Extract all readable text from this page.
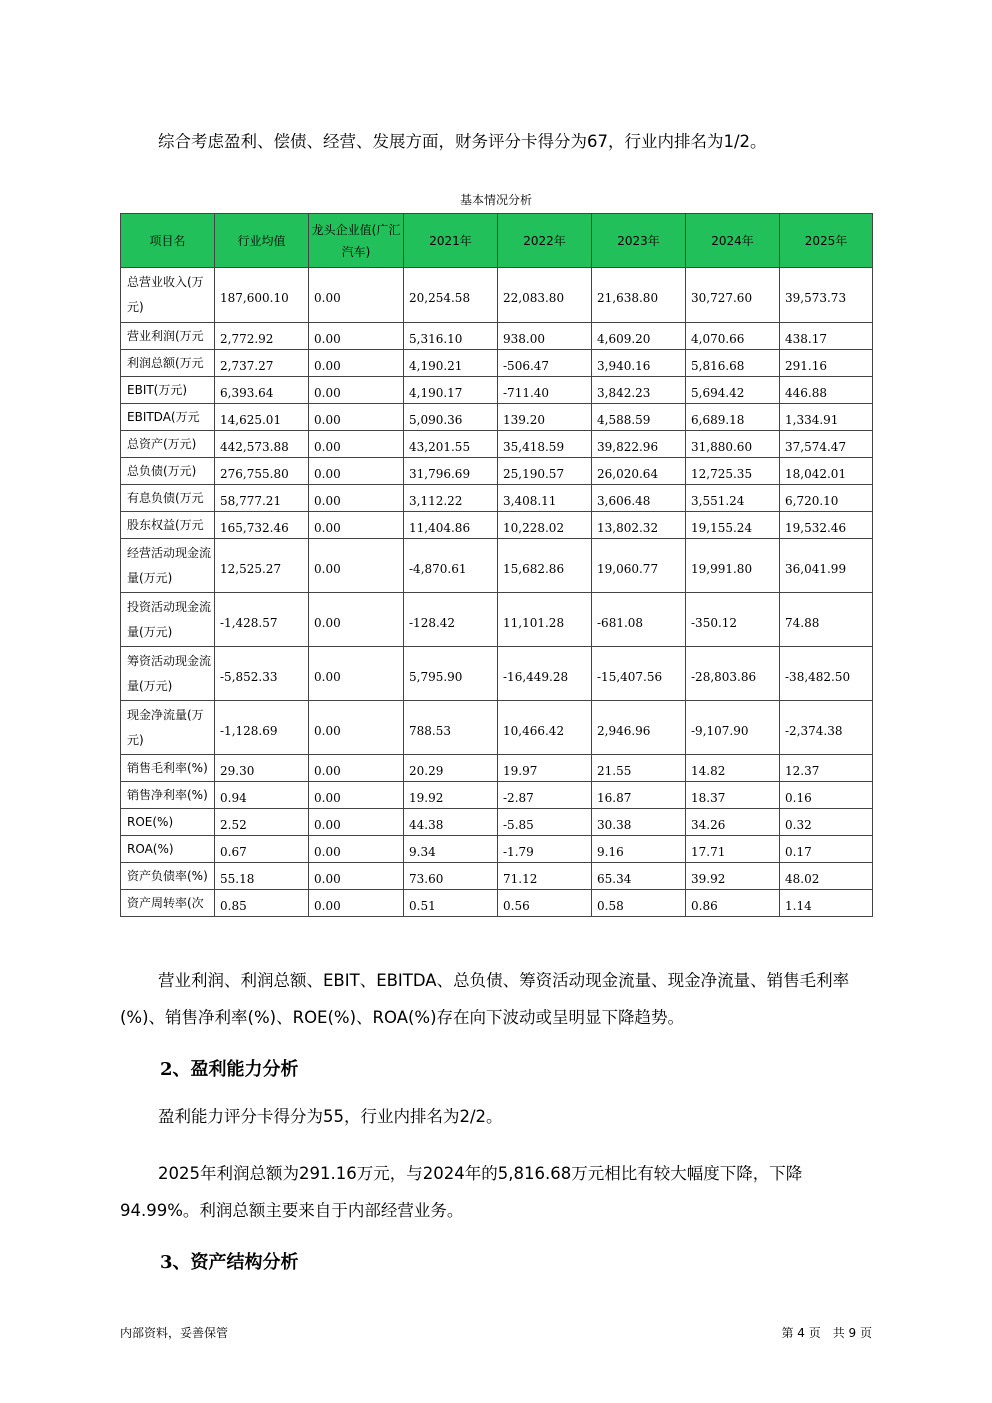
综合考虑盈利、偿债、经营、发展方面，财务评分卡得分为67，行业内排名为1/2。
基本情况分析
项目名	行业均值	龙头企业值(广汇汽车)	2021年	2022年	2023年	2024年	2025年
总营业收入(万元)	187,600.10	0.00	20,254.58	22,083.80	21,638.80	30,727.60	39,573.73
营业利润(万元	2,772.92	0.00	5,316.10	938.00	4,609.20	4,070.66	438.17
利润总额(万元	2,737.27	0.00	4,190.21	-506.47	3,940.16	5,816.68	291.16
EBIT(万元)	6,393.64	0.00	4,190.17	-711.40	3,842.23	5,694.42	446.88
EBITDA(万元	14,625.01	0.00	5,090.36	139.20	4,588.59	6,689.18	1,334.91
总资产(万元)	442,573.88	0.00	43,201.55	35,418.59	39,822.96	31,880.60	37,574.47
总负债(万元)	276,755.80	0.00	31,796.69	25,190.57	26,020.64	12,725.35	18,042.01
有息负债(万元	58,777.21	0.00	3,112.22	3,408.11	3,606.48	3,551.24	6,720.10
股东权益(万元	165,732.46	0.00	11,404.86	10,228.02	13,802.32	19,155.24	19,532.46
经营活动现金流量(万元)	12,525.27	0.00	-4,870.61	15,682.86	19,060.77	19,991.80	36,041.99
投资活动现金流量(万元)	-1,428.57	0.00	-128.42	11,101.28	-681.08	-350.12	74.88
筹资活动现金流量(万元)	-5,852.33	0.00	5,795.90	-16,449.28	-15,407.56	-28,803.86	-38,482.50
现金净流量(万元)	-1,128.69	0.00	788.53	10,466.42	2,946.96	-9,107.90	-2,374.38
销售毛利率(%)	29.30	0.00	20.29	19.97	21.55	14.82	12.37
销售净利率(%)	0.94	0.00	19.92	-2.87	16.87	18.37	0.16
ROE(%)	2.52	0.00	44.38	-5.85	30.38	34.26	0.32
ROA(%)	0.67	0.00	9.34	-1.79	9.16	17.71	0.17
资产负债率(%)	55.18	0.00	73.60	71.12	65.34	39.92	48.02
资产周转率(次	0.85	0.00	0.51	0.56	0.58	0.86	1.14
营业利润、利润总额、EBIT、EBITDA、总负债、筹资活动现金流量、现金净流量、销售毛利率(%)、销售净利率(%)、ROE(%)、ROA(%)存在向下波动或呈明显下降趋势。
2、盈利能力分析
盈利能力评分卡得分为55，行业内排名为2/2。
2025年利润总额为291.16万元，与2024年的5,816.68万元相比有较大幅度下降，下降94.99%。利润总额主要来自于内部经营业务。
3、资产结构分析
内部资料，妥善保管	第 4 页　共 9 页
